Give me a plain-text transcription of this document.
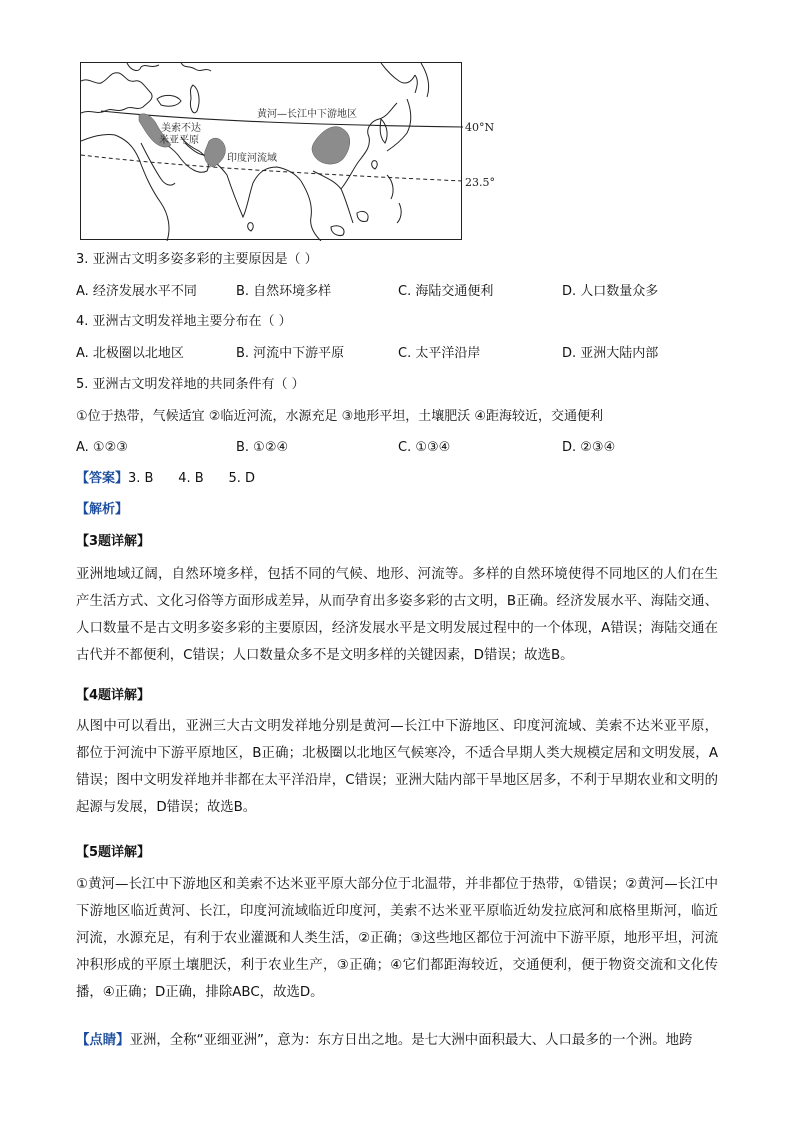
黄河—长江中下游地区
美索不达
米亚平原
印度河流域
40°N
23.5°
3. 亚洲古文明多姿多彩的主要原因是（ ）
A. 经济发展水平不同	B. 自然环境多样	C. 海陆交通便利	D. 人口数量众多
4. 亚洲古文明发祥地主要分布在（ ）
A. 北极圈以北地区	B. 河流中下游平原	C. 太平洋沿岸	D. 亚洲大陆内部
5. 亚洲古文明发祥地的共同条件有（ ）
①位于热带，气候适宜 ②临近河流，水源充足 ③地形平坦，土壤肥沃 ④距海较近，交通便利
A. ①②③	B. ①②④	C. ①③④	D. ②③④
【答案】3. B      4. B      5. D
【解析】
【3题详解】
亚洲地域辽阔，自然环境多样，包括不同的气候、地形、河流等。多样的自然环境使得不同地区的人们在生产生活方式、文化习俗等方面形成差异，从而孕育出多姿多彩的古文明，B正确。经济发展水平、海陆交通、人口数量不是古文明多姿多彩的主要原因，经济发展水平是文明发展过程中的一个体现，A错误；海陆交通在古代并不都便利，C错误；人口数量众多不是文明多样的关键因素，D错误；故选B。
【4题详解】
从图中可以看出，亚洲三大古文明发祥地分别是黄河—长江中下游地区、印度河流域、美索不达米亚平原，都位于河流中下游平原地区，B正确；北极圈以北地区气候寒冷，不适合早期人类大规模定居和文明发展，A错误；图中文明发祥地并非都在太平洋沿岸，C错误；亚洲大陆内部干旱地区居多，不利于早期农业和文明的起源与发展，D错误；故选B。
【5题详解】
①黄河—长江中下游地区和美索不达米亚平原大部分位于北温带，并非都位于热带，①错误；②黄河—长江中下游地区临近黄河、长江，印度河流域临近印度河，美索不达米亚平原临近幼发拉底河和底格里斯河，临近河流，水源充足，有利于农业灌溉和人类生活，②正确；③这些地区都位于河流中下游平原，地形平坦，河流冲积形成的平原土壤肥沃，利于农业生产，③正确；④它们都距海较近，交通便利，便于物资交流和文化传播，④正确；D正确，排除ABC，故选D。
【点睛】亚洲，全称“亚细亚洲”，意为：东方日出之地。是七大洲中面积最大、人口最多的一个洲。地跨
